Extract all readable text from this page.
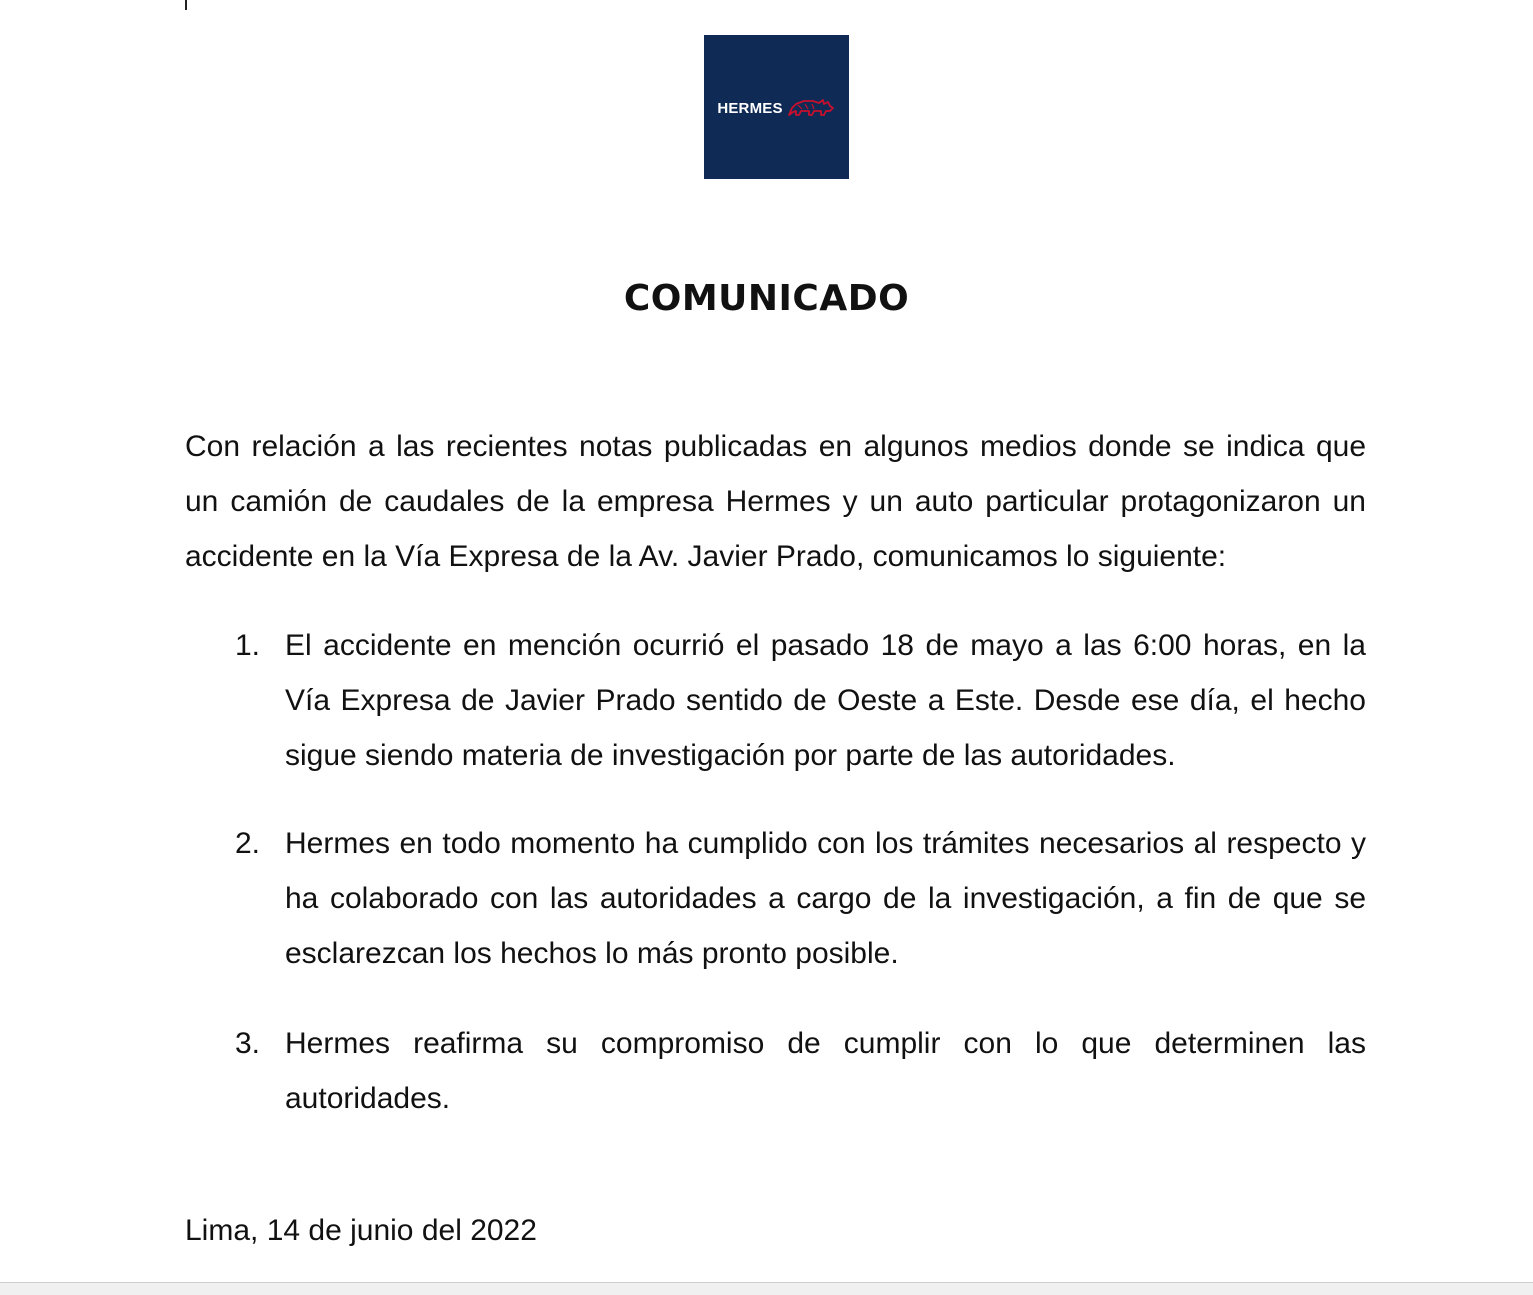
HERMES
COMUNICADO

Con relación a las recientes notas publicadas en algunos medios donde se indica que un camión de caudales de la empresa Hermes y un auto particular protagonizaron un accidente en la Vía Expresa de la Av. Javier Prado, comunicamos lo siguiente:

1. El accidente en mención ocurrió el pasado 18 de mayo a las 6:00 horas, en la Vía Expresa de Javier Prado sentido de Oeste a Este. Desde ese día, el hecho sigue siendo materia de investigación por parte de las autoridades.

2. Hermes en todo momento ha cumplido con los trámites necesarios al respecto y ha colaborado con las autoridades a cargo de la investigación, a fin de que se esclarezcan los hechos lo más pronto posible.

3. Hermes reafirma su compromiso de cumplir con lo que determinen las autoridades.

Lima, 14 de junio del 2022
